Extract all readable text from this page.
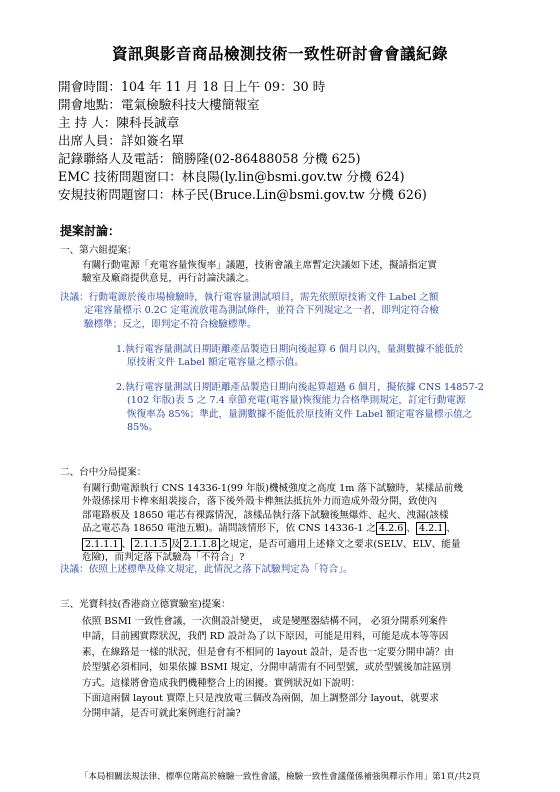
資訊與影音商品檢測技術一致性研討會會議紀錄
開會時間：104 年 11 月 18 日上午 09：30 時
開會地點：電氣檢驗科技大樓簡報室
主 持 人：陳科長誠章
出席人員：詳如簽名單
記錄聯絡人及電話：簡勝隆(02-86488058 分機 625)
EMC 技術問題窗口：林良陽(ly.lin@bsmi.gov.tw 分機 624)
安規技術問題窗口：林子民(Bruce.Lin@bsmi.gov.tw 分機 626)
提案討論：
一、第六組提案：
有關行動電源「充電容量恢復率」議題，技術會議主席暫定決議如下述，擬請指定實
驗室及廠商提供意見，再行討論決議之。
決議：行動電源於後市場檢驗時，執行電容量測試項目，需先依照原技術文件 Label 之額
定電容量標示 0.2C 定電流放電為測試條件，並符合下列規定之一者，即判定符合檢
驗標準；反之，即判定不符合檢驗標準。
1.執行電容量測試日期距離產品製造日期向後起算 6 個月以內，量測數據不能低於
原技術文件 Label 額定電容量之標示值。
2.執行電容量測試日期距離產品製造日期向後起算超過 6 個月，擬依據 CNS 14857-2
(102 年版)表 5 之 7.4 章節充電(電容量)恢復能力合格準則規定，訂定行動電源
恢復率為 85%；準此，量測數據不能低於原技術文件 Label 額定電容量標示值之
85%。
二、台中分局提案：
有關行動電源執行 CNS 14336-1(99 年版)機械強度之高度 1m 落下試驗時，某樣品前幾
外殼係採用卡榫來組裝接合，落下後外殼卡榫無法抵抗外力而造成外殼分開，致使內
部電路板及 18650 電芯有裸露情況，該樣品執行落下試驗後無爆炸、起火、洩漏(該樣
品之電芯為 18650 電池五顆)。請問該情形下，依 CNS 14336-1 之 4.2.6 、 4.2.1 、
2.1.1.1 、 2.1.1.5 及 2.1.1.8 之規定，是否可適用上述條文之要求(SELV、ELV、能量
危險)，而判定落下試驗為「不符合」?
決議：依照上述標準及條文規定，此情況之落下試驗判定為「符合」。
三、光寶科技(香港商立德實驗室)提案：
依照 BSMI 一致性會議，一次側設計變更， 或是變壓器結構不同， 必須分開系列案件
申請，目前國實際狀況，我們 RD 設計為了以下原因，可能是用料，可能是成本等等因
素，在線路是一樣的狀況，但是會有不相同的 layout 設計，是否也一定要分開申請？由
於型號必須相同，如果依據 BSMI 規定，分開申請需有不同型號，或於型號後加註區別
方式。這樣將會造成我們機種整合上的困擾。實例狀況如下說明：
下面這兩個 layout 實際上只是洩放電三個改為兩個，加上調整部分 layout，就要求
分開申請，是否可就此案例進行討論?
「本局相關法規法律、標準位階高於檢驗一致性會議，檢驗一致性會議僅係補強與釋示作用」第1頁/共2頁
